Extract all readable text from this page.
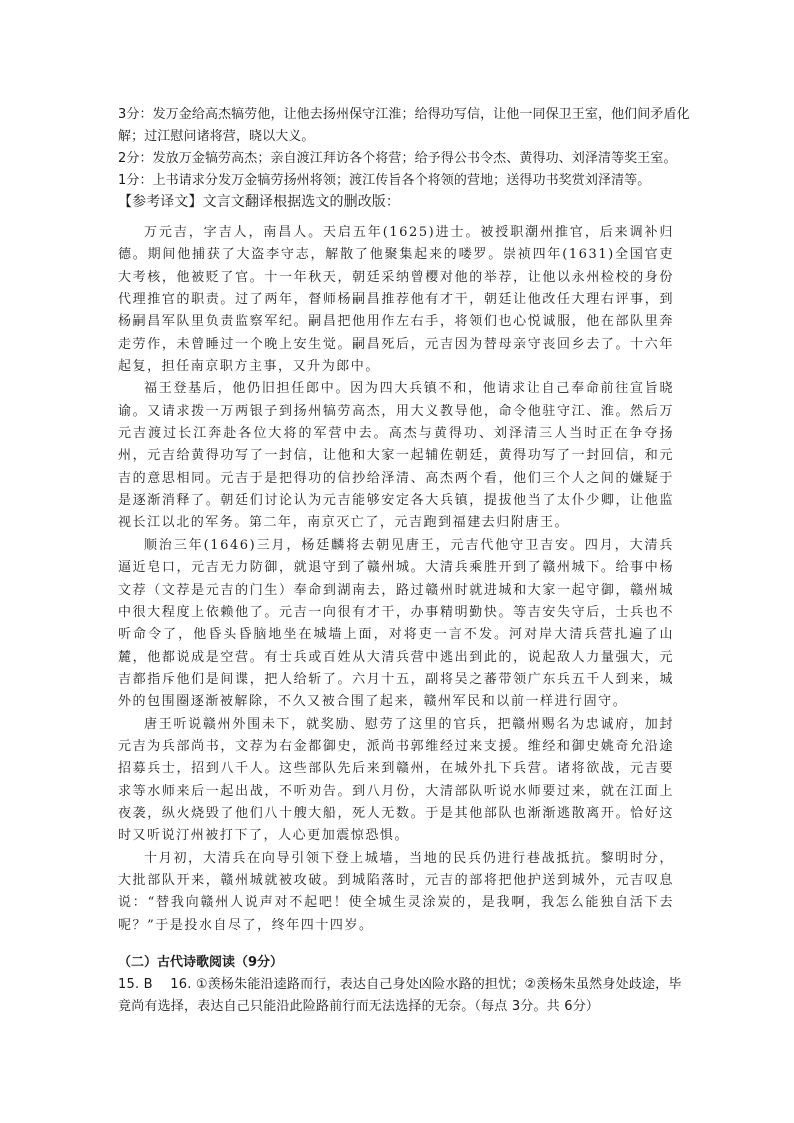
3分：发万金给高杰犒劳他，让他去扬州保守江淮；给得功写信，让他一同保卫王室，他们间矛盾化解；过江慰问诸将营，晓以大义。

2分：发放万金犒劳高杰；亲自渡江拜访各个将营；给予得公书令杰、黄得功、刘泽清等奖王室。

1分：上书请求分发万金犒劳扬州将领；渡江传旨各个将领的营地；送得功书奖赏刘泽清等。

【参考译文】文言文翻译根据选文的删改版：

万元吉，字吉人，南昌人。天启五年(1625)进士。被授职潮州推官，后来调补归德。期间他捕获了大盗李守志，解散了他聚集起来的喽罗。崇祯四年(1631)全国官吏大考核，他被贬了官。十一年秋天，朝廷采纳曾樱对他的举荐，让他以永州检校的身份代理推官的职责。过了两年，督师杨嗣昌推荐他有才干，朝廷让他改任大理右评事，到杨嗣昌军队里负责监察军纪。嗣昌把他用作左右手，将领们也心悦诚服，他在部队里奔走劳作，未曾睡过一个晚上安生觉。嗣昌死后，元吉因为替母亲守丧回乡去了。十六年起复，担任南京职方主事，又升为郎中。

福王登基后，他仍旧担任郎中。因为四大兵镇不和，他请求让自己奉命前往宣旨晓谕。又请求拨一万两银子到扬州犒劳高杰，用大义教导他，命令他驻守江、淮。然后万元吉渡过长江奔赴各位大将的军营中去。高杰与黄得功、刘泽清三人当时正在争夺扬州，元吉给黄得功写了一封信，让他和大家一起辅佐朝廷，黄得功写了一封回信，和元吉的意思相同。元吉于是把得功的信抄给泽清、高杰两个看，他们三个人之间的嫌疑于是逐渐消释了。朝廷们讨论认为元吉能够安定各大兵镇，提拔他当了太仆少卿，让他监视长江以北的军务。第二年，南京灭亡了，元吉跑到福建去归附唐王。

顺治三年(1646)三月，杨廷麟将去朝见唐王，元吉代他守卫吉安。四月，大清兵逼近皂口，元吉无力防御，就退守到了赣州城。大清兵乘胜开到了赣州城下。给事中杨文荐（文荐是元吉的门生）奉命到湖南去，路过赣州时就进城和大家一起守御，赣州城中很大程度上依赖他了。元吉一向很有才干，办事精明勤快。等吉安失守后，士兵也不听命令了，他昏头昏脑地坐在城墙上面，对将吏一言不发。河对岸大清兵营扎遍了山麓，他都说成是空营。有士兵或百姓从大清兵营中逃出到此的，说起敌人力量强大，元吉都指斥他们是间谍，把人给斩了。六月十五，副将吴之蕃带领广东兵五千人到来，城外的包围圈逐渐被解除，不久又被合围了起来，赣州军民和以前一样进行固守。

唐王听说赣州外围未下，就奖励、慰劳了这里的官兵，把赣州赐名为忠诚府，加封元吉为兵部尚书，文荐为右金都御史，派尚书郭维经过来支援。维经和御史姚奇允沿途招募兵士，招到八千人。这些部队先后来到赣州，在城外扎下兵营。诸将欲战，元吉要求等水师来后一起出战，不听劝告。到八月份，大清部队听说水师要过来，就在江面上夜袭，纵火烧毁了他们八十艘大船，死人无数。于是其他部队也渐渐逃散离开。恰好这时又听说汀州被打下了，人心更加震惊恐惧。

十月初，大清兵在向导引领下登上城墙，当地的民兵仍进行巷战抵抗。黎明时分，大批部队开来，赣州城就被攻破。到城陷落时，元吉的部将把他护送到城外，元吉叹息说：“替我向赣州人说声对不起吧！使全城生灵涂炭的，是我啊，我怎么能独自活下去呢？”于是投水自尽了，终年四十四岁。

（二）古代诗歌阅读（9分）

15. B　 16. ①羡杨朱能沿逵路而行，表达自己身处凶险水路的担忧；②羡杨朱虽然身处歧途，毕竟尚有选择，表达自己只能沿此险路前行而无法选择的无奈。（每点 3分。共 6分）
